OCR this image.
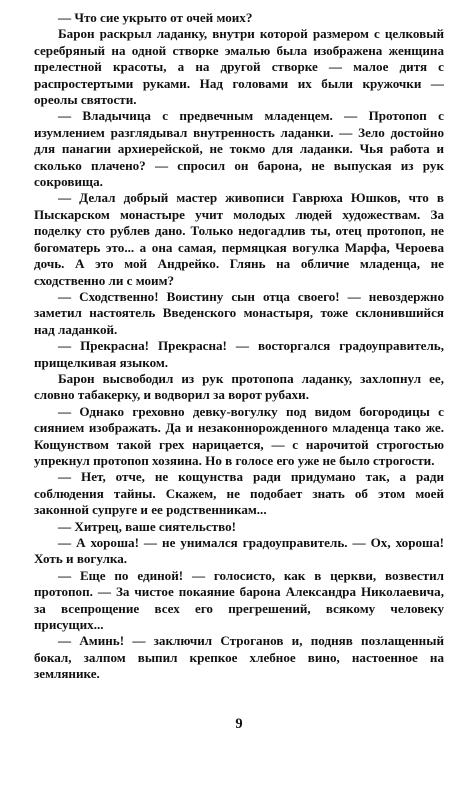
— Что сие укрыто от очей моих?

Барон раскрыл ладанку, внутри которой размером с целковый серебряный на одной створке эмалью была изображена женщина прелестной красоты, а на другой створке — малое дитя с распростертыми руками. Над головами их были кружочки — ореолы святости.

— Владычица с предвечным младенцем. — Протопоп с изумлением разглядывал внутренность ладанки. — Зело достойно для панагии архиерейской, не токмо для ладанки. Чья работа и сколько плачено? — спросил он барона, не выпуская из рук сокровища.

— Делал добрый мастер живописи Гаврюха Юшков, что в Пыскарском монастыре учит молодых людей художествам. За поделку сто рублев дано. Только недогадлив ты, отец протопоп, не богоматерь это... а она самая, пермяцкая вогулка Марфа, Чероева дочь. А это мой Андрейко. Глянь на обличие младенца, не сходственно ли с моим?

— Сходственно! Воистину сын отца своего! — невоздержно заметил настоятель Введенского монастыря, тоже склонившийся над ладанкой.

— Прекрасна! Прекрасна! — восторгался градоуправитель, прищелкивая языком.

Барон высвободил из рук протопопа ладанку, захлопнул ее, словно табакерку, и водворил за ворот рубахи.

— Однако греховно девку-вогулку под видом богородицы с сиянием изображать. Да и незаконнорожденного младенца тако же. Кощунством такой грех нарицается, — с нарочитой строгостью упрекнул протопоп хозяина. Но в голосе его уже не было строгости.

— Нет, отче, не кощунства ради придумано так, а ради соблюдения тайны. Скажем, не подобает знать об этом моей законной супруге и ее родственникам...

— Хитрец, ваше сиятельство!

— А хороша! — не унимался градоуправитель. — Ох, хороша! Хоть и вогулка.

— Еще по единой! — голосисто, как в церкви, возвестил протопоп. — За чистое покаяние барона Александра Николаевича, за всепрощение всех его прегрешений, всякому человеку присущих...

— Аминь! — заключил Строганов и, подняв позлащенный бокал, залпом выпил крепкое хлебное вино, настоенное на землянике.

9
